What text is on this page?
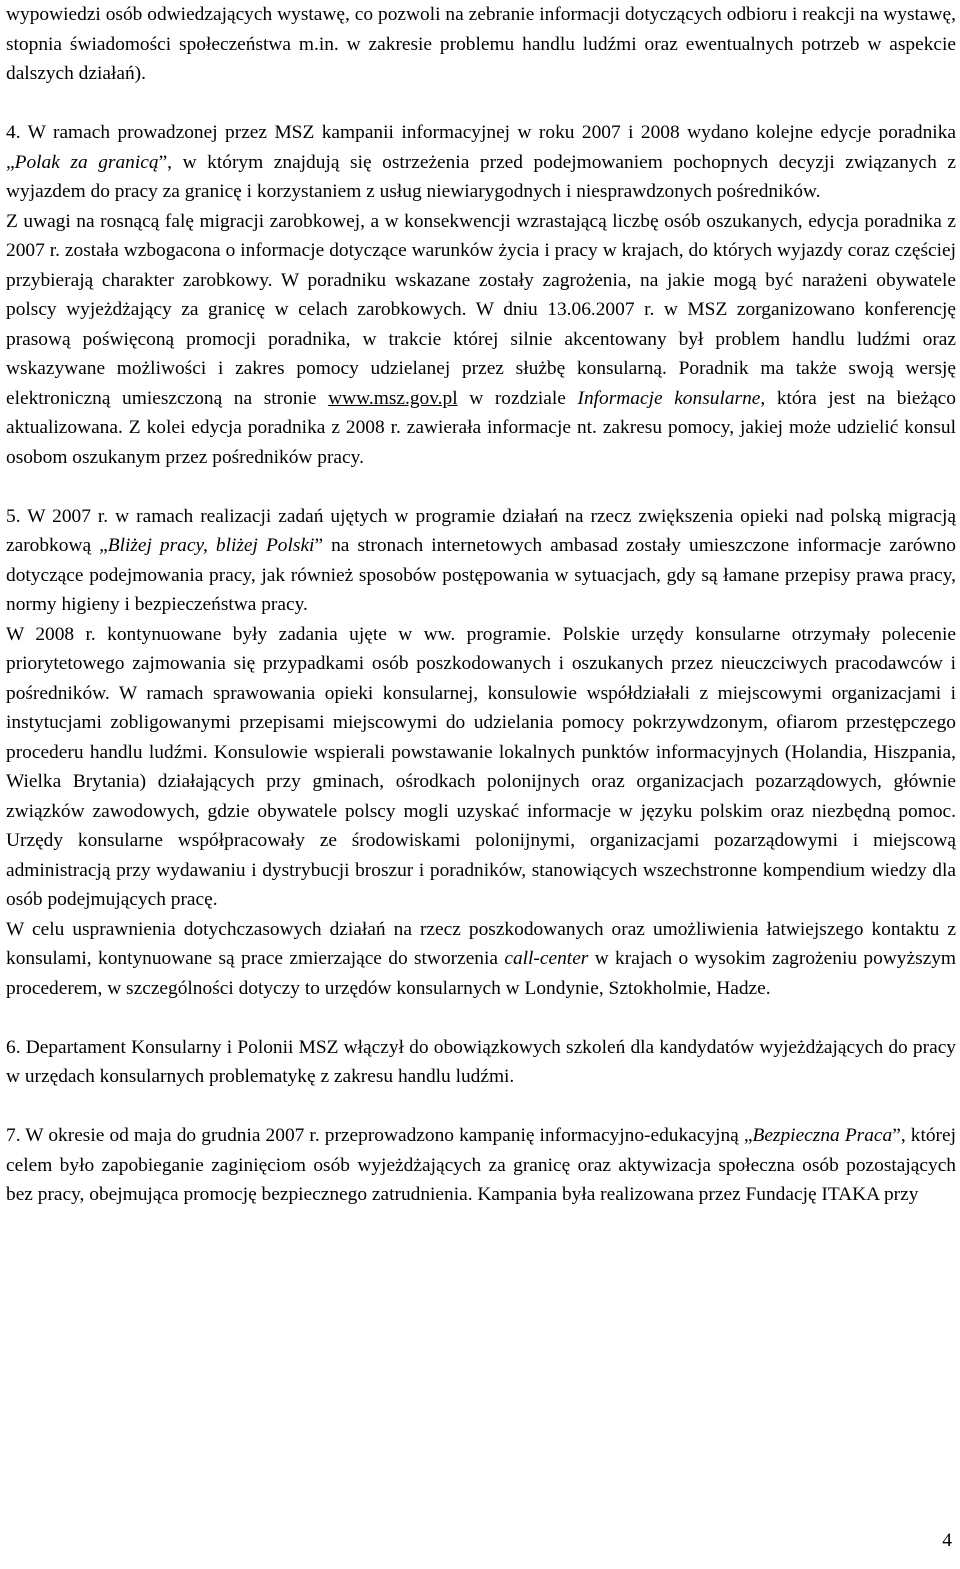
wypowiedzi osób odwiedzających wystawę, co pozwoli na zebranie informacji dotyczących odbioru i reakcji na wystawę, stopnia świadomości społeczeństwa m.in. w zakresie problemu handlu ludźmi oraz ewentualnych potrzeb w aspekcie dalszych działań).

4. W ramach prowadzonej przez MSZ kampanii informacyjnej w roku 2007 i 2008 wydano kolejne edycje poradnika „Polak za granicą”, w którym znajdują się ostrzeżenia przed podejmowaniem pochopnych decyzji związanych z wyjazdem do pracy za granicę i korzystaniem z usług niewiarygodnych i niesprawdzonych pośredników.

Z uwagi na rosnącą falę migracji zarobkowej, a w konsekwencji wzrastającą liczbę osób oszukanych, edycja poradnika z 2007 r. została wzbogacona o informacje dotyczące warunków życia i pracy w krajach, do których wyjazdy coraz częściej przybierają charakter zarobkowy. W poradniku wskazane zostały zagrożenia, na jakie mogą być narażeni obywatele polscy wyjeżdżający za granicę w celach zarobkowych. W dniu 13.06.2007 r. w MSZ zorganizowano konferencję prasową poświęconą promocji poradnika, w trakcie której silnie akcentowany był problem handlu ludźmi oraz wskazywane możliwości i zakres pomocy udzielanej przez służbę konsularną. Poradnik ma także swoją wersję elektroniczną umieszczoną na stronie www.msz.gov.pl w rozdziale Informacje konsularne, która jest na bieżąco aktualizowana. Z kolei edycja poradnika z 2008 r. zawierała informacje nt. zakresu pomocy, jakiej może udzielić konsul osobom oszukanym przez pośredników pracy.

5. W 2007 r. w ramach realizacji zadań ujętych w programie działań na rzecz zwiększenia opieki nad polską migracją zarobkową „Bliżej pracy, bliżej Polski” na stronach internetowych ambasad zostały umieszczone informacje zarówno dotyczące podejmowania pracy, jak również sposobów postępowania w sytuacjach, gdy są łamane przepisy prawa pracy, normy higieny i bezpieczeństwa pracy.

W 2008 r. kontynuowane były zadania ujęte w ww. programie. Polskie urzędy konsularne otrzymały polecenie priorytetowego zajmowania się przypadkami osób poszkodowanych i oszukanych przez nieuczciwych pracodawców i pośredników. W ramach sprawowania opieki konsularnej, konsulowie współdziałali z miejscowymi organizacjami i instytucjami zobligowanymi przepisami miejscowymi do udzielania pomocy pokrzywdzonym, ofiarom przestępczego procederu handlu ludźmi. Konsulowie wspierali powstawanie lokalnych punktów informacyjnych (Holandia, Hiszpania, Wielka Brytania) działających przy gminach, ośrodkach polonijnych oraz organizacjach pozarządowych, głównie związków zawodowych, gdzie obywatele polscy mogli uzyskać informacje w języku polskim oraz niezbędną pomoc. Urzędy konsularne współpracowały ze środowiskami polonijnymi, organizacjami pozarządowymi i miejscową administracją przy wydawaniu i dystrybucji broszur i poradników, stanowiących wszechstronne kompendium wiedzy dla osób podejmujących pracę.

W celu usprawnienia dotychczasowych działań na rzecz poszkodowanych oraz umożliwienia łatwiejszego kontaktu z konsulami, kontynuowane są prace zmierzające do stworzenia call-center w krajach o wysokim zagrożeniu powyższym procederem, w szczególności dotyczy to urzędów konsularnych w Londynie, Sztokholmie, Hadze.

6. Departament Konsularny i Polonii MSZ włączył do obowiązkowych szkoleń dla kandydatów wyjeżdżających do pracy w urzędach konsularnych problematykę z zakresu handlu ludźmi.

7. W okresie od maja do grudnia 2007 r. przeprowadzono kampanię informacyjno-edukacyjną „Bezpieczna Praca”, której celem było zapobieganie zaginięciom osób wyjeżdżających za granicę oraz aktywizacja społeczna osób pozostających bez pracy, obejmująca promocję bezpiecznego zatrudnienia. Kampania była realizowana przez Fundację ITAKA przy

4
